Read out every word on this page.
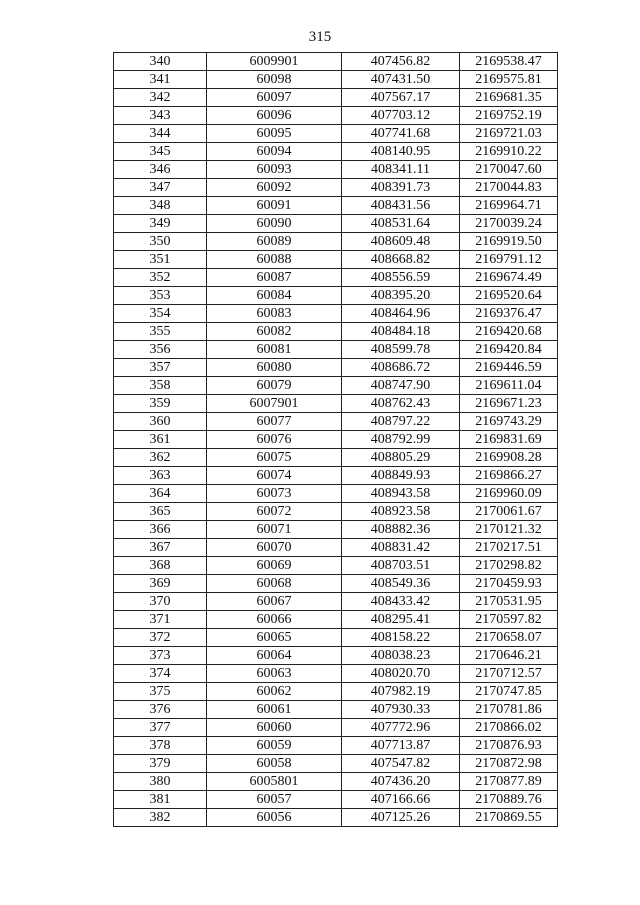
315
340	6009901	407456.82	2169538.47
341	60098	407431.50	2169575.81
342	60097	407567.17	2169681.35
343	60096	407703.12	2169752.19
344	60095	407741.68	2169721.03
345	60094	408140.95	2169910.22
346	60093	408341.11	2170047.60
347	60092	408391.73	2170044.83
348	60091	408431.56	2169964.71
349	60090	408531.64	2170039.24
350	60089	408609.48	2169919.50
351	60088	408668.82	2169791.12
352	60087	408556.59	2169674.49
353	60084	408395.20	2169520.64
354	60083	408464.96	2169376.47
355	60082	408484.18	2169420.68
356	60081	408599.78	2169420.84
357	60080	408686.72	2169446.59
358	60079	408747.90	2169611.04
359	6007901	408762.43	2169671.23
360	60077	408797.22	2169743.29
361	60076	408792.99	2169831.69
362	60075	408805.29	2169908.28
363	60074	408849.93	2169866.27
364	60073	408943.58	2169960.09
365	60072	408923.58	2170061.67
366	60071	408882.36	2170121.32
367	60070	408831.42	2170217.51
368	60069	408703.51	2170298.82
369	60068	408549.36	2170459.93
370	60067	408433.42	2170531.95
371	60066	408295.41	2170597.82
372	60065	408158.22	2170658.07
373	60064	408038.23	2170646.21
374	60063	408020.70	2170712.57
375	60062	407982.19	2170747.85
376	60061	407930.33	2170781.86
377	60060	407772.96	2170866.02
378	60059	407713.87	2170876.93
379	60058	407547.82	2170872.98
380	6005801	407436.20	2170877.89
381	60057	407166.66	2170889.76
382	60056	407125.26	2170869.55
